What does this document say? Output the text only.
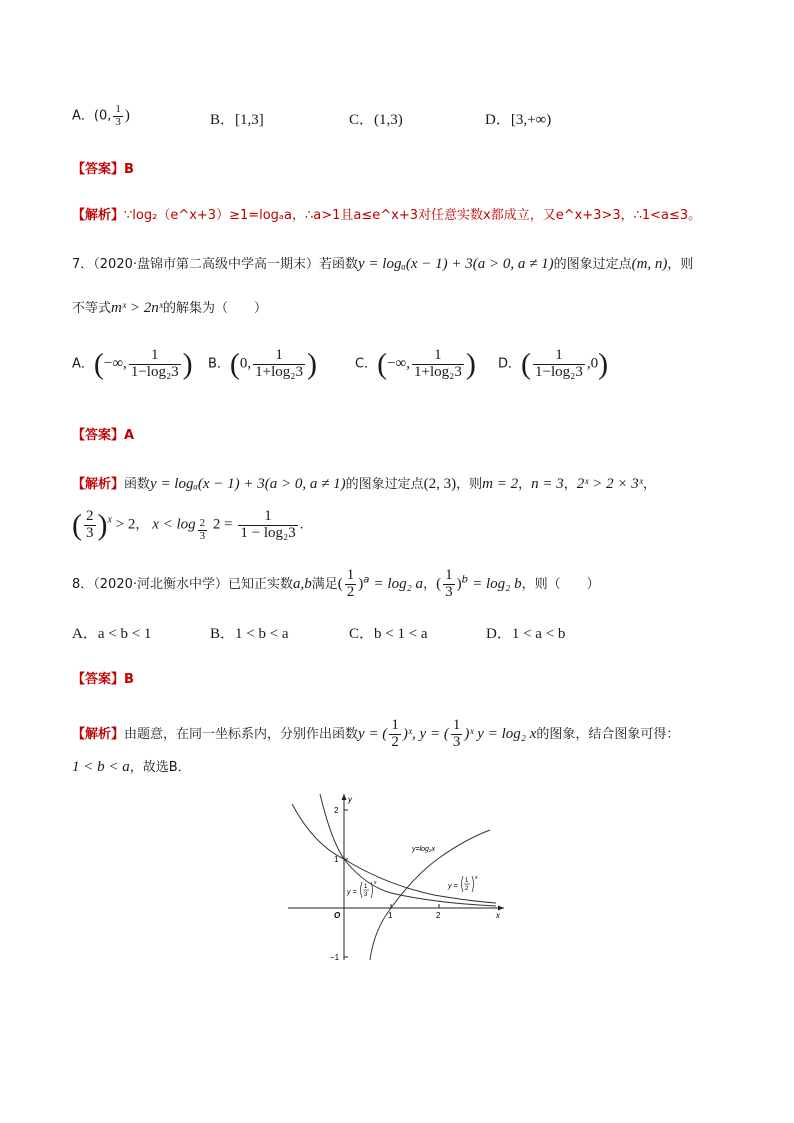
A．(0, $\frac{1}{3}$ )	B．[1,3]	C．(1,3)	D．[3,+∞)
【答案】B
【解析】∵log₂（e^x+3）≥1=logₐa，∴a>1且a≤e^x+3对任意实数x都成立，又e^x+3>3，∴1<a≤3。
7．（2020·盘锦市第二高级中学高一期末）若函数y = logₐ(x − 1) + 3(a > 0, a ≠ 1)的图象过定点(m, n)，则
不等式mˣ > 2nˣ的解集为（　　）
A．(−∞, $\frac{1}{\text{1−log₂3}}$ ) B．(0, $\frac{1}{\text{1+log₂3}}$ )	C．(−∞, $\frac{1}{\text{1+log₂3}}$ ) D．( $\frac{1}{\text{1−log₂3}} ,0$)
【答案】A
【解析】函数y = logₐ(x − 1) + 3(a > 0, a ≠ 1)的图象过定点(2, 3)，则m = 2，n = 3，2ˣ > 2 × 3ˣ，
( $\frac{2}{3} )^x > 2$， $x < \log \frac{2}{3} 2 = \frac{1}{\text{1 − log₂3}}$ .
8．（2020·河北衡水中学）已知正实数a,b满足( $\frac{1}{2} )^a = \log_2$ a，( $\frac{1}{3} )^b = \log_2$ b，则（　　）
A．a < b < 1	B．1 < b < a	C．b < 1 < a	D．1 < a < b
【答案】B
【解析】由题意，在同一坐标系内，分别作出函数y = ( $\frac{1}{2}$ )ˣ, y = ( $\frac{1}{3}$ )ˣ y = log₂ x的图象，结合图象可得：
1 < b < a，故选B．
y
x
O
2
1
−1
1	2
y=log₂x
y =
1
3
x	y =
1
2
x
